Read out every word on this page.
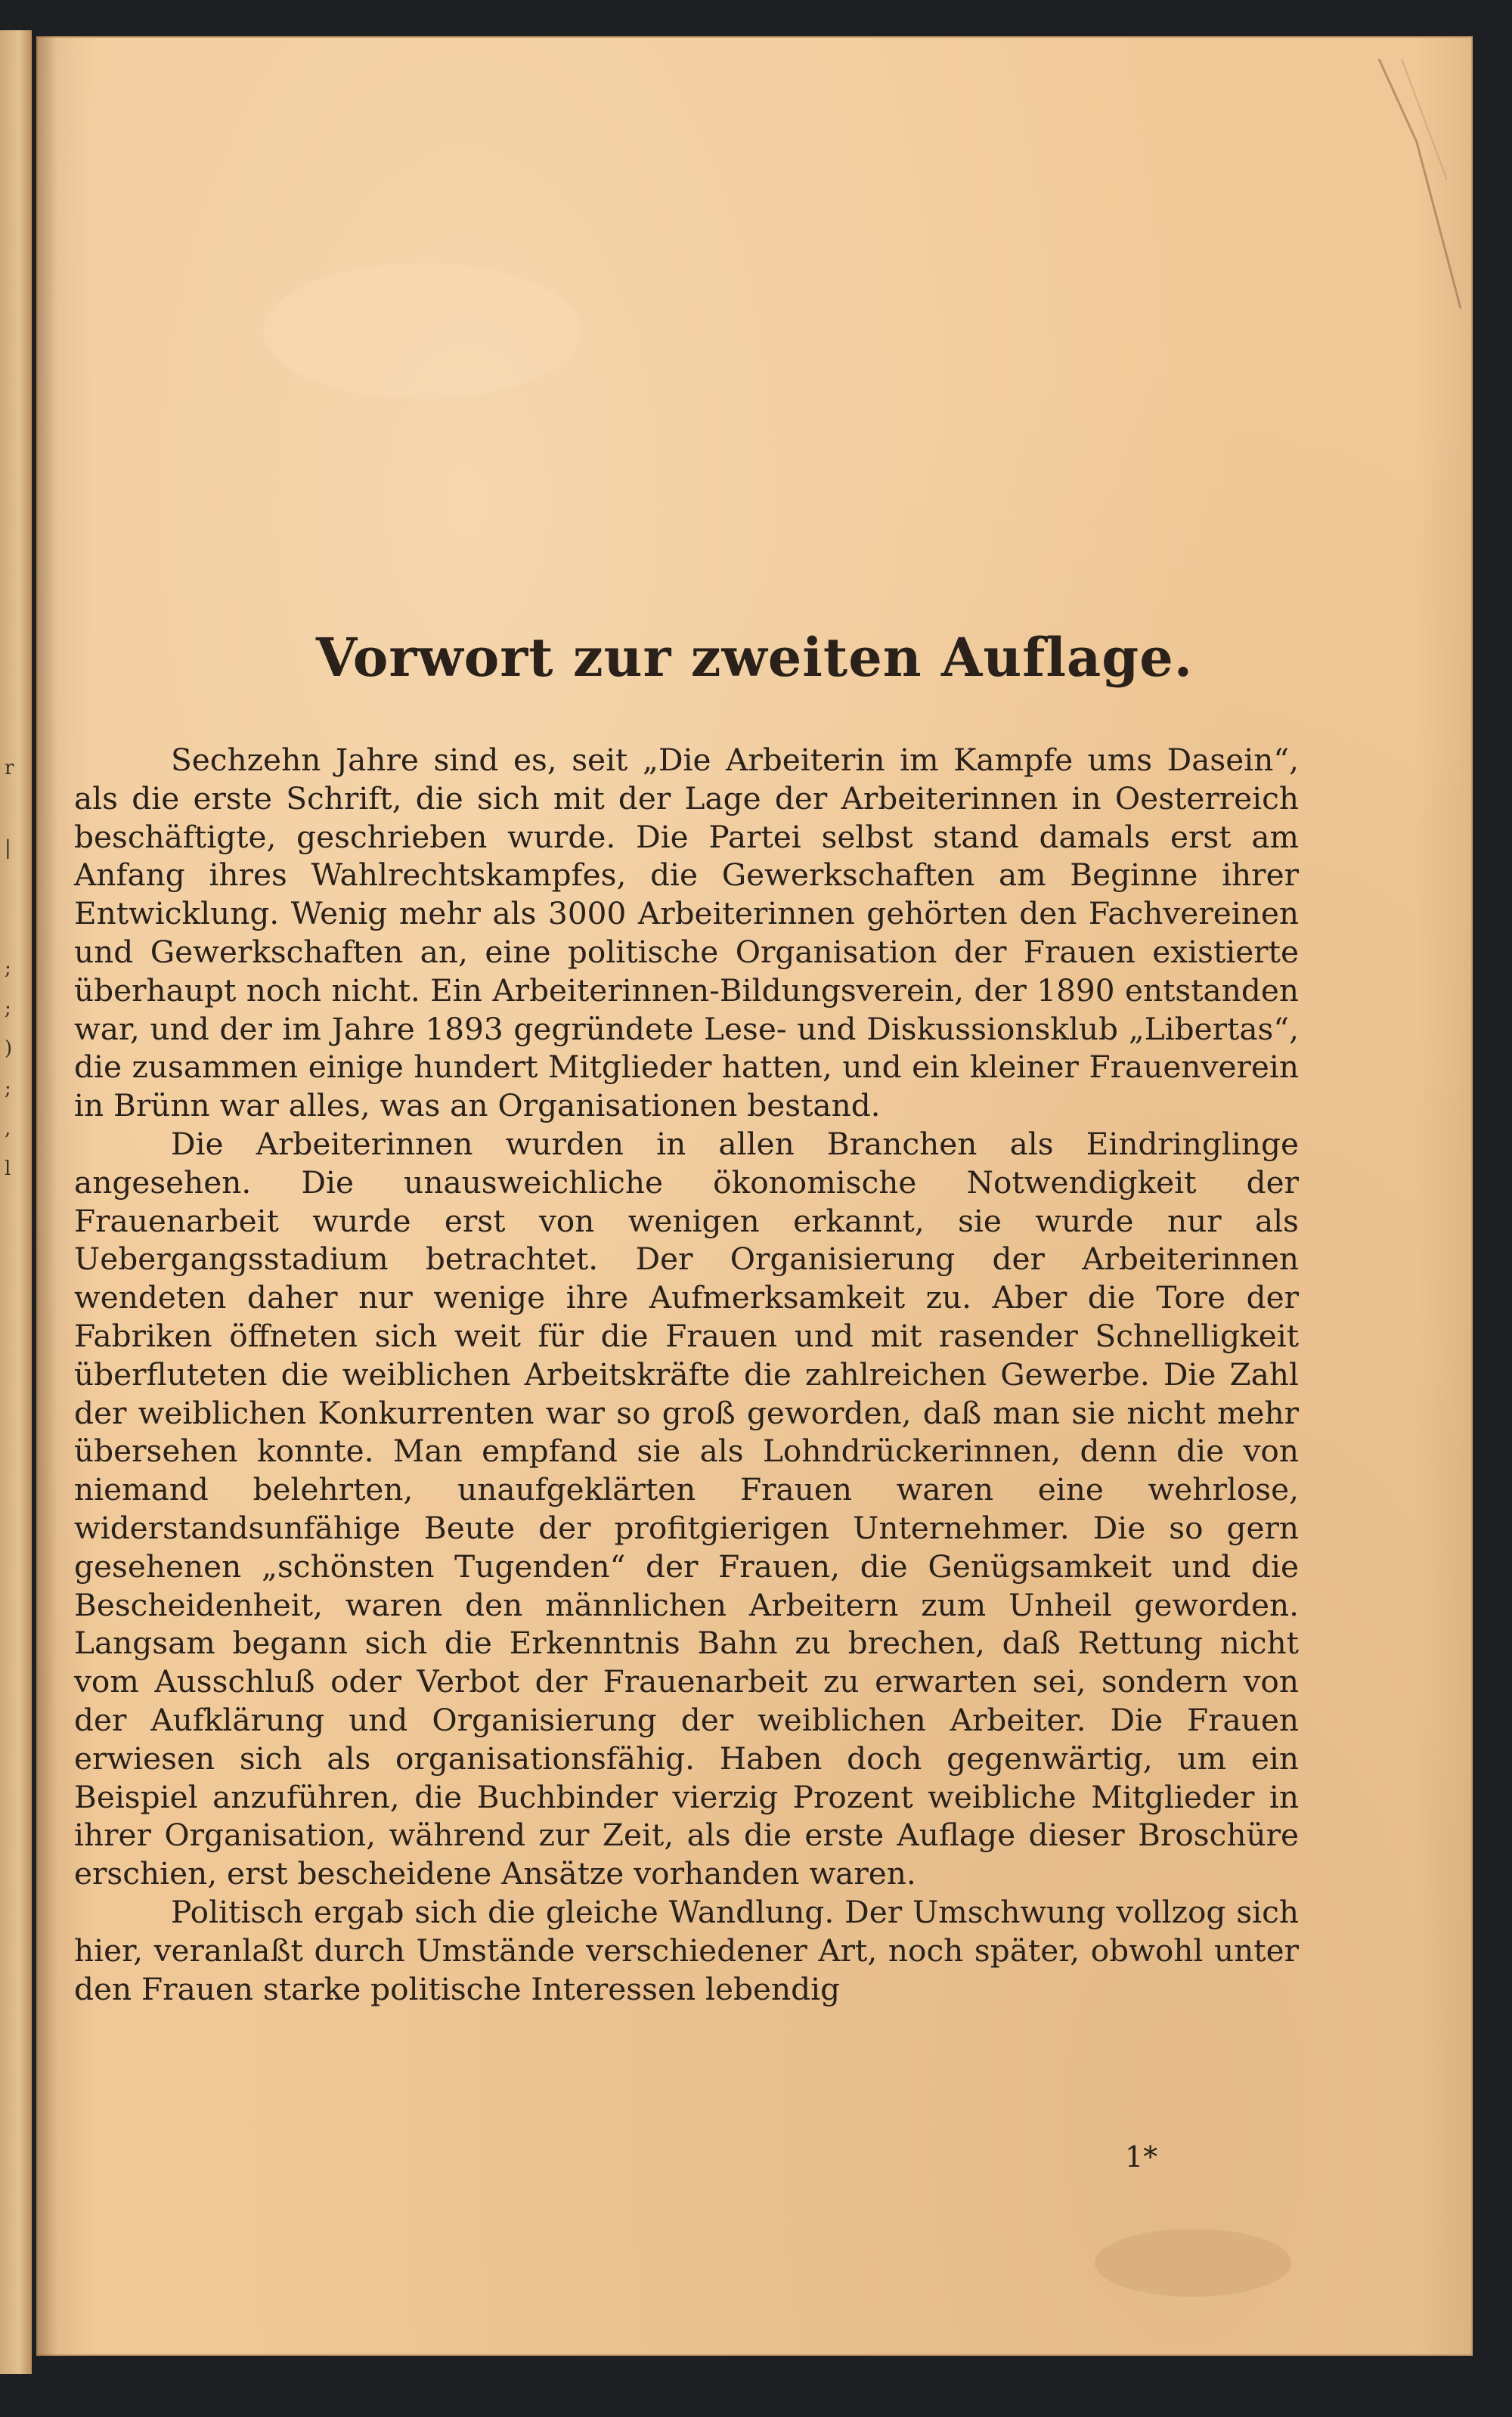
r

|

;
;
)
;
,
l
Vorwort zur zweiten Auflage.

Sechzehn Jahre sind es, seit „Die Arbeiterin im Kampfe ums Dasein“, als die erste Schrift, die sich mit der Lage der Arbeiterinnen in Oesterreich beschäftigte, geschrieben wurde. Die Partei selbst stand damals erst am Anfang ihres Wahlrechtskampfes, die Gewerkschaften am Beginne ihrer Entwicklung. Wenig mehr als 3000 Arbeiterinnen gehörten den Fachvereinen und Gewerkschaften an, eine politische Organisation der Frauen existierte überhaupt noch nicht. Ein Arbeiterinnen-Bildungsverein, der 1890 entstanden war, und der im Jahre 1893 gegründete Lese- und Diskussionsklub „Libertas“, die zusammen einige hundert Mitglieder hatten, und ein kleiner Frauenverein in Brünn war alles, was an Organisationen bestand.

Die Arbeiterinnen wurden in allen Branchen als Eindringlinge angesehen. Die unausweichliche ökonomische Notwendigkeit der Frauenarbeit wurde erst von wenigen erkannt, sie wurde nur als Uebergangsstadium betrachtet. Der Organisierung der Arbeiterinnen wendeten daher nur wenige ihre Aufmerksamkeit zu. Aber die Tore der Fabriken öffneten sich weit für die Frauen und mit rasender Schnelligkeit überfluteten die weiblichen Arbeitskräfte die zahlreichen Gewerbe. Die Zahl der weiblichen Konkurrenten war so groß geworden, daß man sie nicht mehr übersehen konnte. Man empfand sie als Lohndrückerinnen, denn die von niemand belehrten, unaufgeklärten Frauen waren eine wehrlose, widerstandsunfähige Beute der profitgierigen Unternehmer. Die so gern gesehenen „schönsten Tugenden“ der Frauen, die Genügsamkeit und die Bescheidenheit, waren den männlichen Arbeitern zum Unheil geworden. Langsam begann sich die Erkenntnis Bahn zu brechen, daß Rettung nicht vom Ausschluß oder Verbot der Frauenarbeit zu erwarten sei, sondern von der Aufklärung und Organisierung der weiblichen Arbeiter. Die Frauen erwiesen sich als organisationsfähig. Haben doch gegenwärtig, um ein Beispiel anzuführen, die Buchbinder vierzig Prozent weibliche Mitglieder in ihrer Organisation, während zur Zeit, als die erste Auflage dieser Broschüre erschien, erst bescheidene Ansätze vorhanden waren.

Politisch ergab sich die gleiche Wandlung. Der Umschwung vollzog sich hier, veranlaßt durch Umstände verschiedener Art, noch später, obwohl unter den Frauen starke politische Interessen lebendig

1*
